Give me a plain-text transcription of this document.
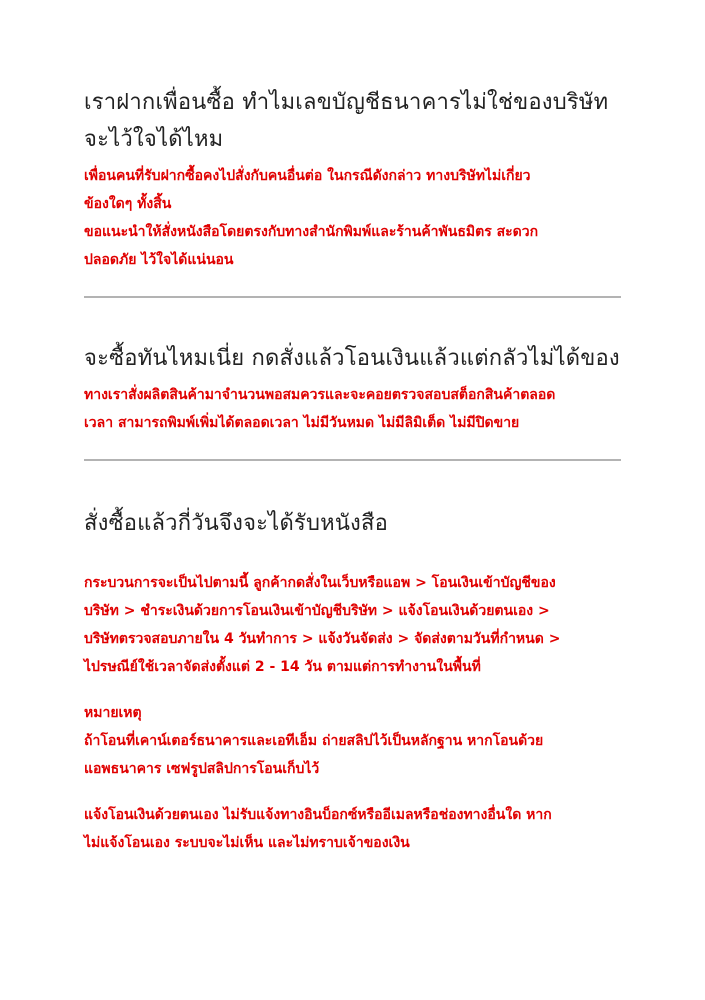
เราฝากเพื่อนซื้อ ทำไมเลขบัญชีธนาคารไม่ใช่ของบริษัท
จะไว้ใจได้ไหม

เพื่อนคนที่รับฝากซื้อคงไปสั่งกับคนอื่นต่อ ในกรณีดังกล่าว ทางบริษัทไม่เกี่ยว

ข้องใดๆ ทั้งสิ้น

ขอแนะนำให้สั่งหนังสือโดยตรงกับทางสำนักพิมพ์และร้านค้าพันธมิตร สะดวก

ปลอดภัย ไว้ใจได้แน่นอน

จะซื้อทันไหมเนี่ย กดสั่งแล้วโอนเงินแล้วแต่กลัวไม่ได้ของ

ทางเราสั่งผลิตสินค้ามาจำนวนพอสมควรและจะคอยตรวจสอบสต็อกสินค้าตลอด

เวลา สามารถพิมพ์เพิ่มได้ตลอดเวลา ไม่มีวันหมด ไม่มีลิมิเต็ด ไม่มีปิดขาย

สั่งซื้อแล้วกี่วันจึงจะได้รับหนังสือ

กระบวนการจะเป็นไปตามนี้ ลูกค้ากดสั่งในเว็บหรือแอพ > โอนเงินเข้าบัญชีของ

บริษัท > ชำระเงินด้วยการโอนเงินเข้าบัญชีบริษัท > แจ้งโอนเงินด้วยตนเอง >

บริษัทตรวจสอบภายใน 4 วันทำการ > แจ้งวันจัดส่ง > จัดส่งตามวันที่กำหนด >

ไปรษณีย์ใช้เวลาจัดส่งตั้งแต่ 2 - 14 วัน ตามแต่การทำงานในพื้นที่

หมายเหตุ

ถ้าโอนที่เคาน์เตอร์ธนาคารและเอทีเอ็ม ถ่ายสลิปไว้เป็นหลักฐาน หากโอนด้วย

แอพธนาคาร เซฟรูปสลิปการโอนเก็บไว้

แจ้งโอนเงินด้วยตนเอง ไม่รับแจ้งทางอินบ็อกซ์หรืออีเมลหรือช่องทางอื่นใด หาก

ไม่แจ้งโอนเอง ระบบจะไม่เห็น และไม่ทราบเจ้าของเงิน
